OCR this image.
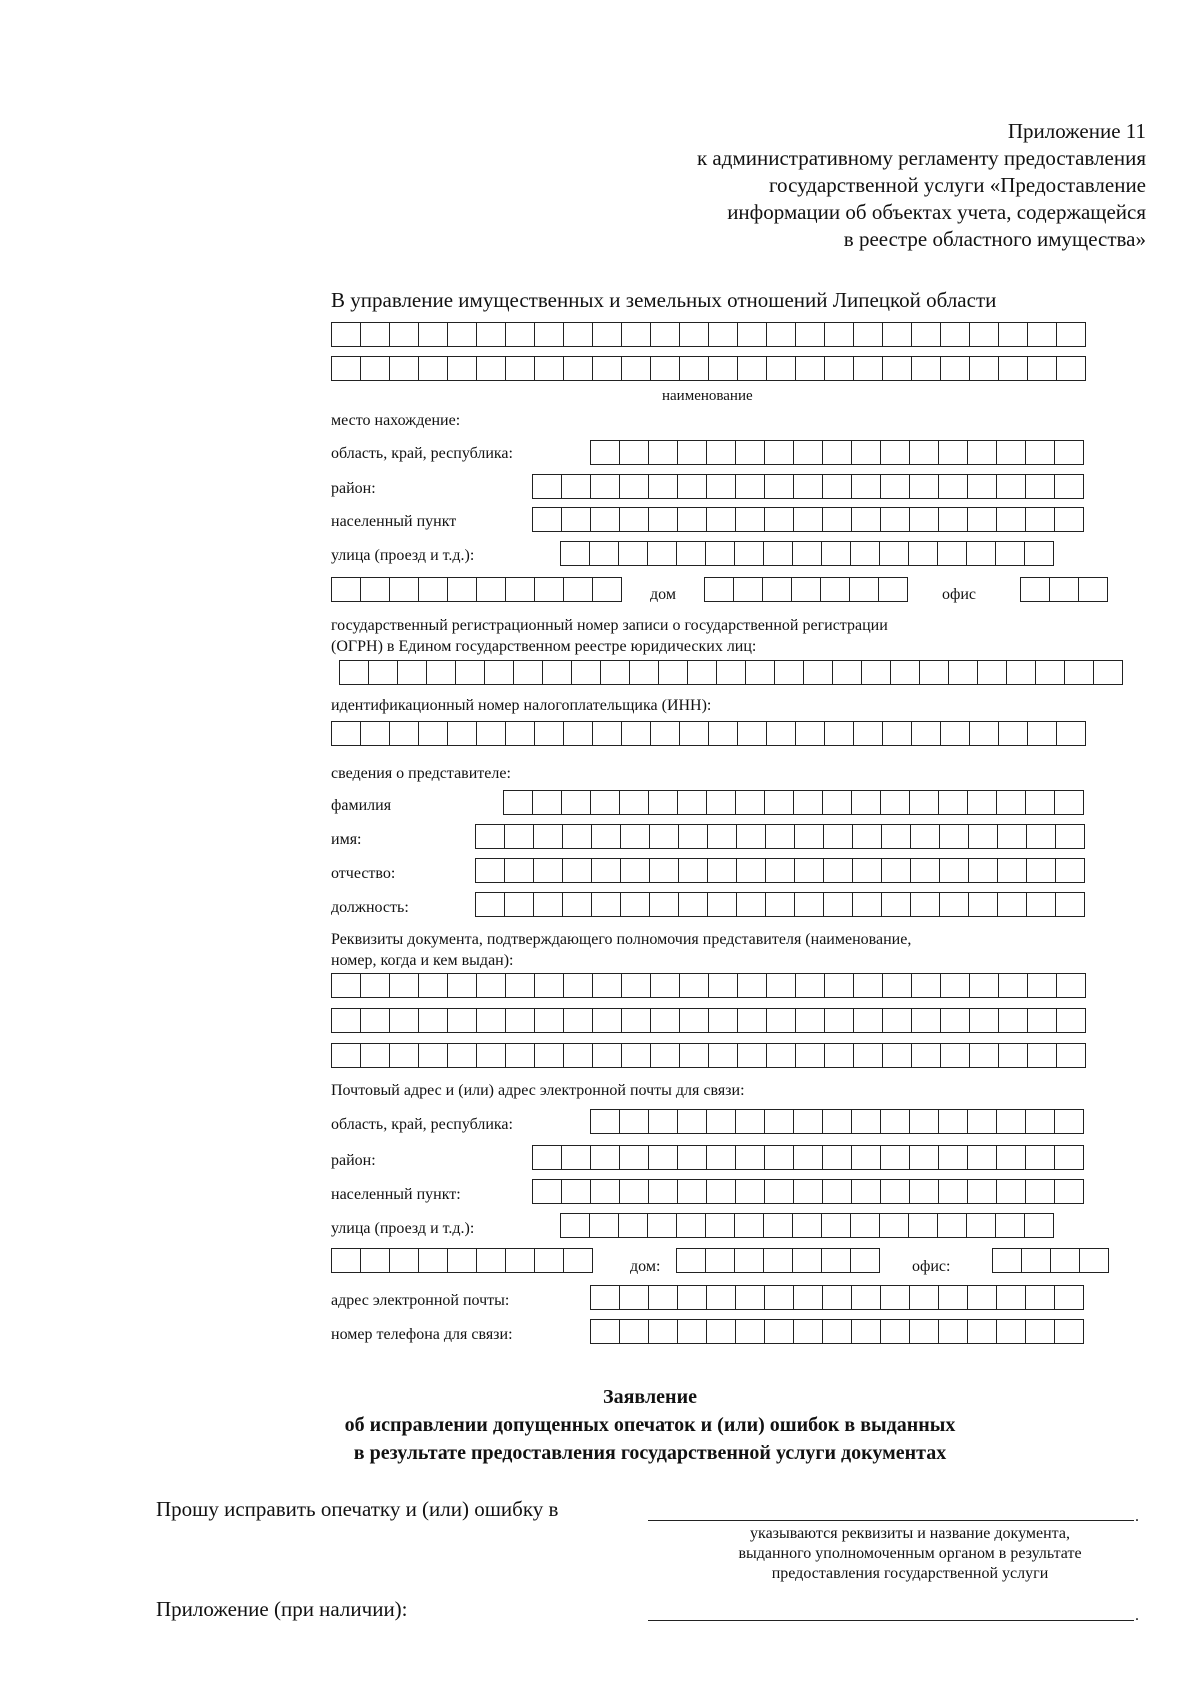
Приложение 11
к административному регламенту предоставления
государственной услуги «Предоставление
информации об объектах учета, содержащейся
в реестре областного имущества»
В управление имущественных и земельных отношений Липецкой области
наименование
место нахождение:
область, край, республика:
район:
населенный пункт
улица (проезд и т.д.):
дом	офис
государственный регистрационный номер записи о государственной регистрации
(ОГРН) в Едином государственном реестре юридических лиц:
идентификационный номер налогоплательщика (ИНН):
сведения о представителе:
фамилия
имя:
отчество:
должность:
Реквизиты документа, подтверждающего полномочия представителя (наименование,
номер, когда и кем выдан):
Почтовый адрес и (или) адрес электронной почты для связи:
область, край, республика:
район:
населенный пункт:
улица (проезд и т.д.):
дом:	офис:
адрес электронной почты:
номер телефона для связи:
Заявление
об исправлении допущенных опечаток и (или) ошибок в выданных
в результате предоставления государственной услуги документах
Прошу исправить опечатку и (или) ошибку в	.
указываются реквизиты и название документа,
выданного уполномоченным органом в результате
предоставления государственной услуги
Приложение (при наличии):	.
